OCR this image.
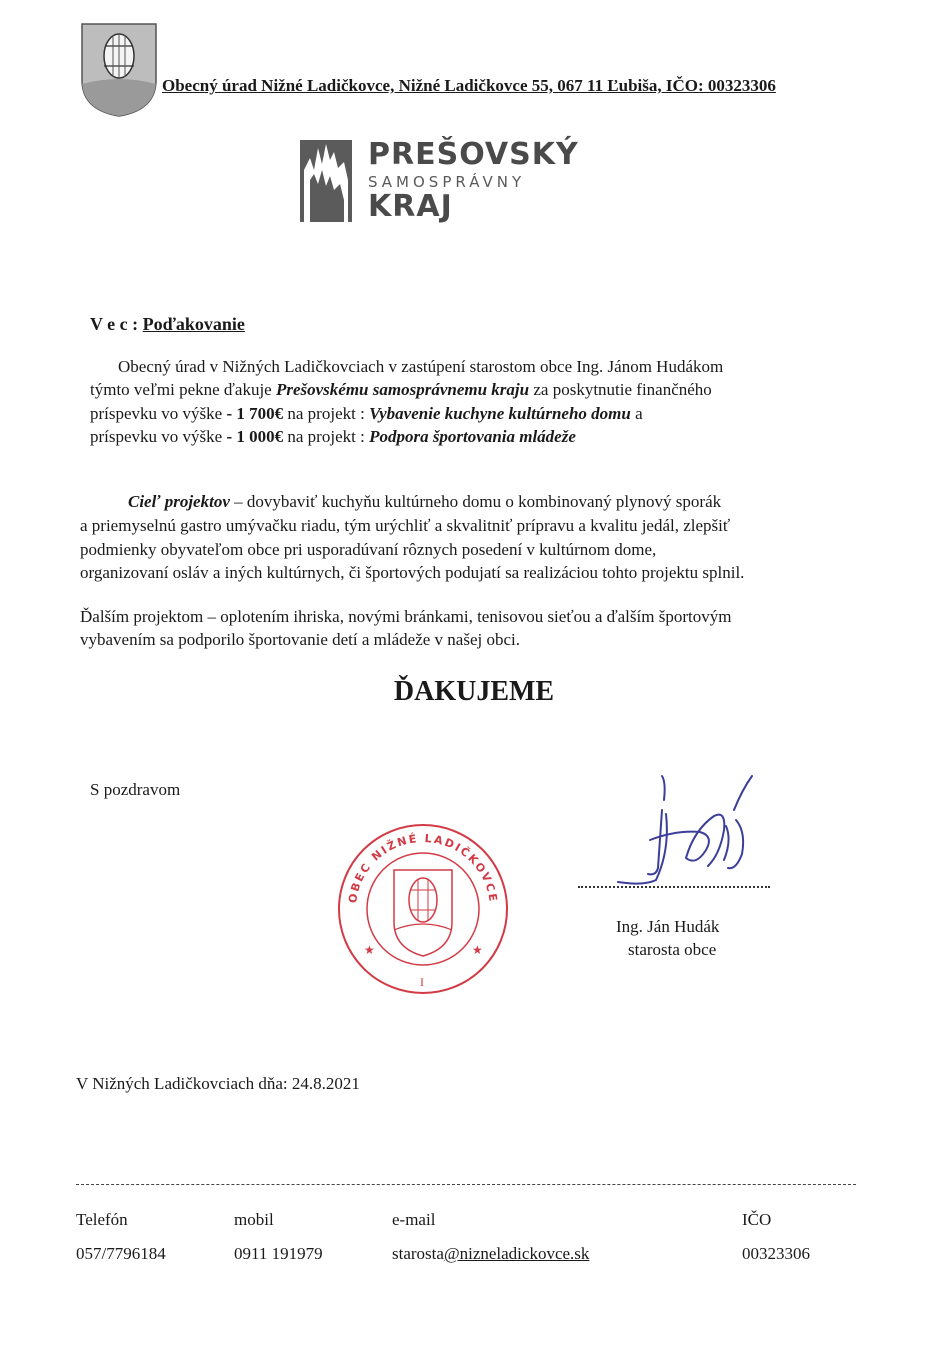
Obecný úrad Nižné Ladičkovce, Nižné Ladičkovce 55, 067 11 Ľubiša, IČO: 00323306
PREŠOVSKÝ
SAMOSPRÁVNY
KRAJ
V e c : Poďakovanie
Obecný úrad v Nižných Ladičkovciach v zastúpení starostom obce Ing. Jánom Hudákom
týmto veľmi pekne ďakuje Prešovskému samosprávnemu kraju za poskytnutie finančného
príspevku vo výške - 1 700€ na projekt : Vybavenie kuchyne kultúrneho domu a
príspevku vo výške - 1 000€ na projekt : Podpora športovania mládeže
Cieľ projektov – dovybaviť kuchyňu kultúrneho domu o kombinovaný plynový sporák
a priemyselnú gastro umývačku riadu, tým urýchliť a skvalitniť prípravu a kvalitu jedál, zlepšiť
podmienky obyvateľom obce pri usporadúvaní rôznych posedení v kultúrnom dome,
organizovaní osláv a iných kultúrnych, či športových podujatí sa realizáciou tohto projektu splnil.
Ďalším projektom – oplotením ihriska, novými bránkami, tenisovou sieťou a ďalším športovým
vybavením sa podporilo športovanie detí a mládeže v našej obci.
ĎAKUJEME
S pozdravom
OBEC NIŽNÉ LADIČKOVCE
★	★
I
Ing. Ján Hudák
starosta obce
V Nižných Ladičkovciach dňa: 24.8.2021
Telefón
057/7796184
mobil
0911 191979
e-mail
starosta@nizneladickovce.sk
IČO
00323306
